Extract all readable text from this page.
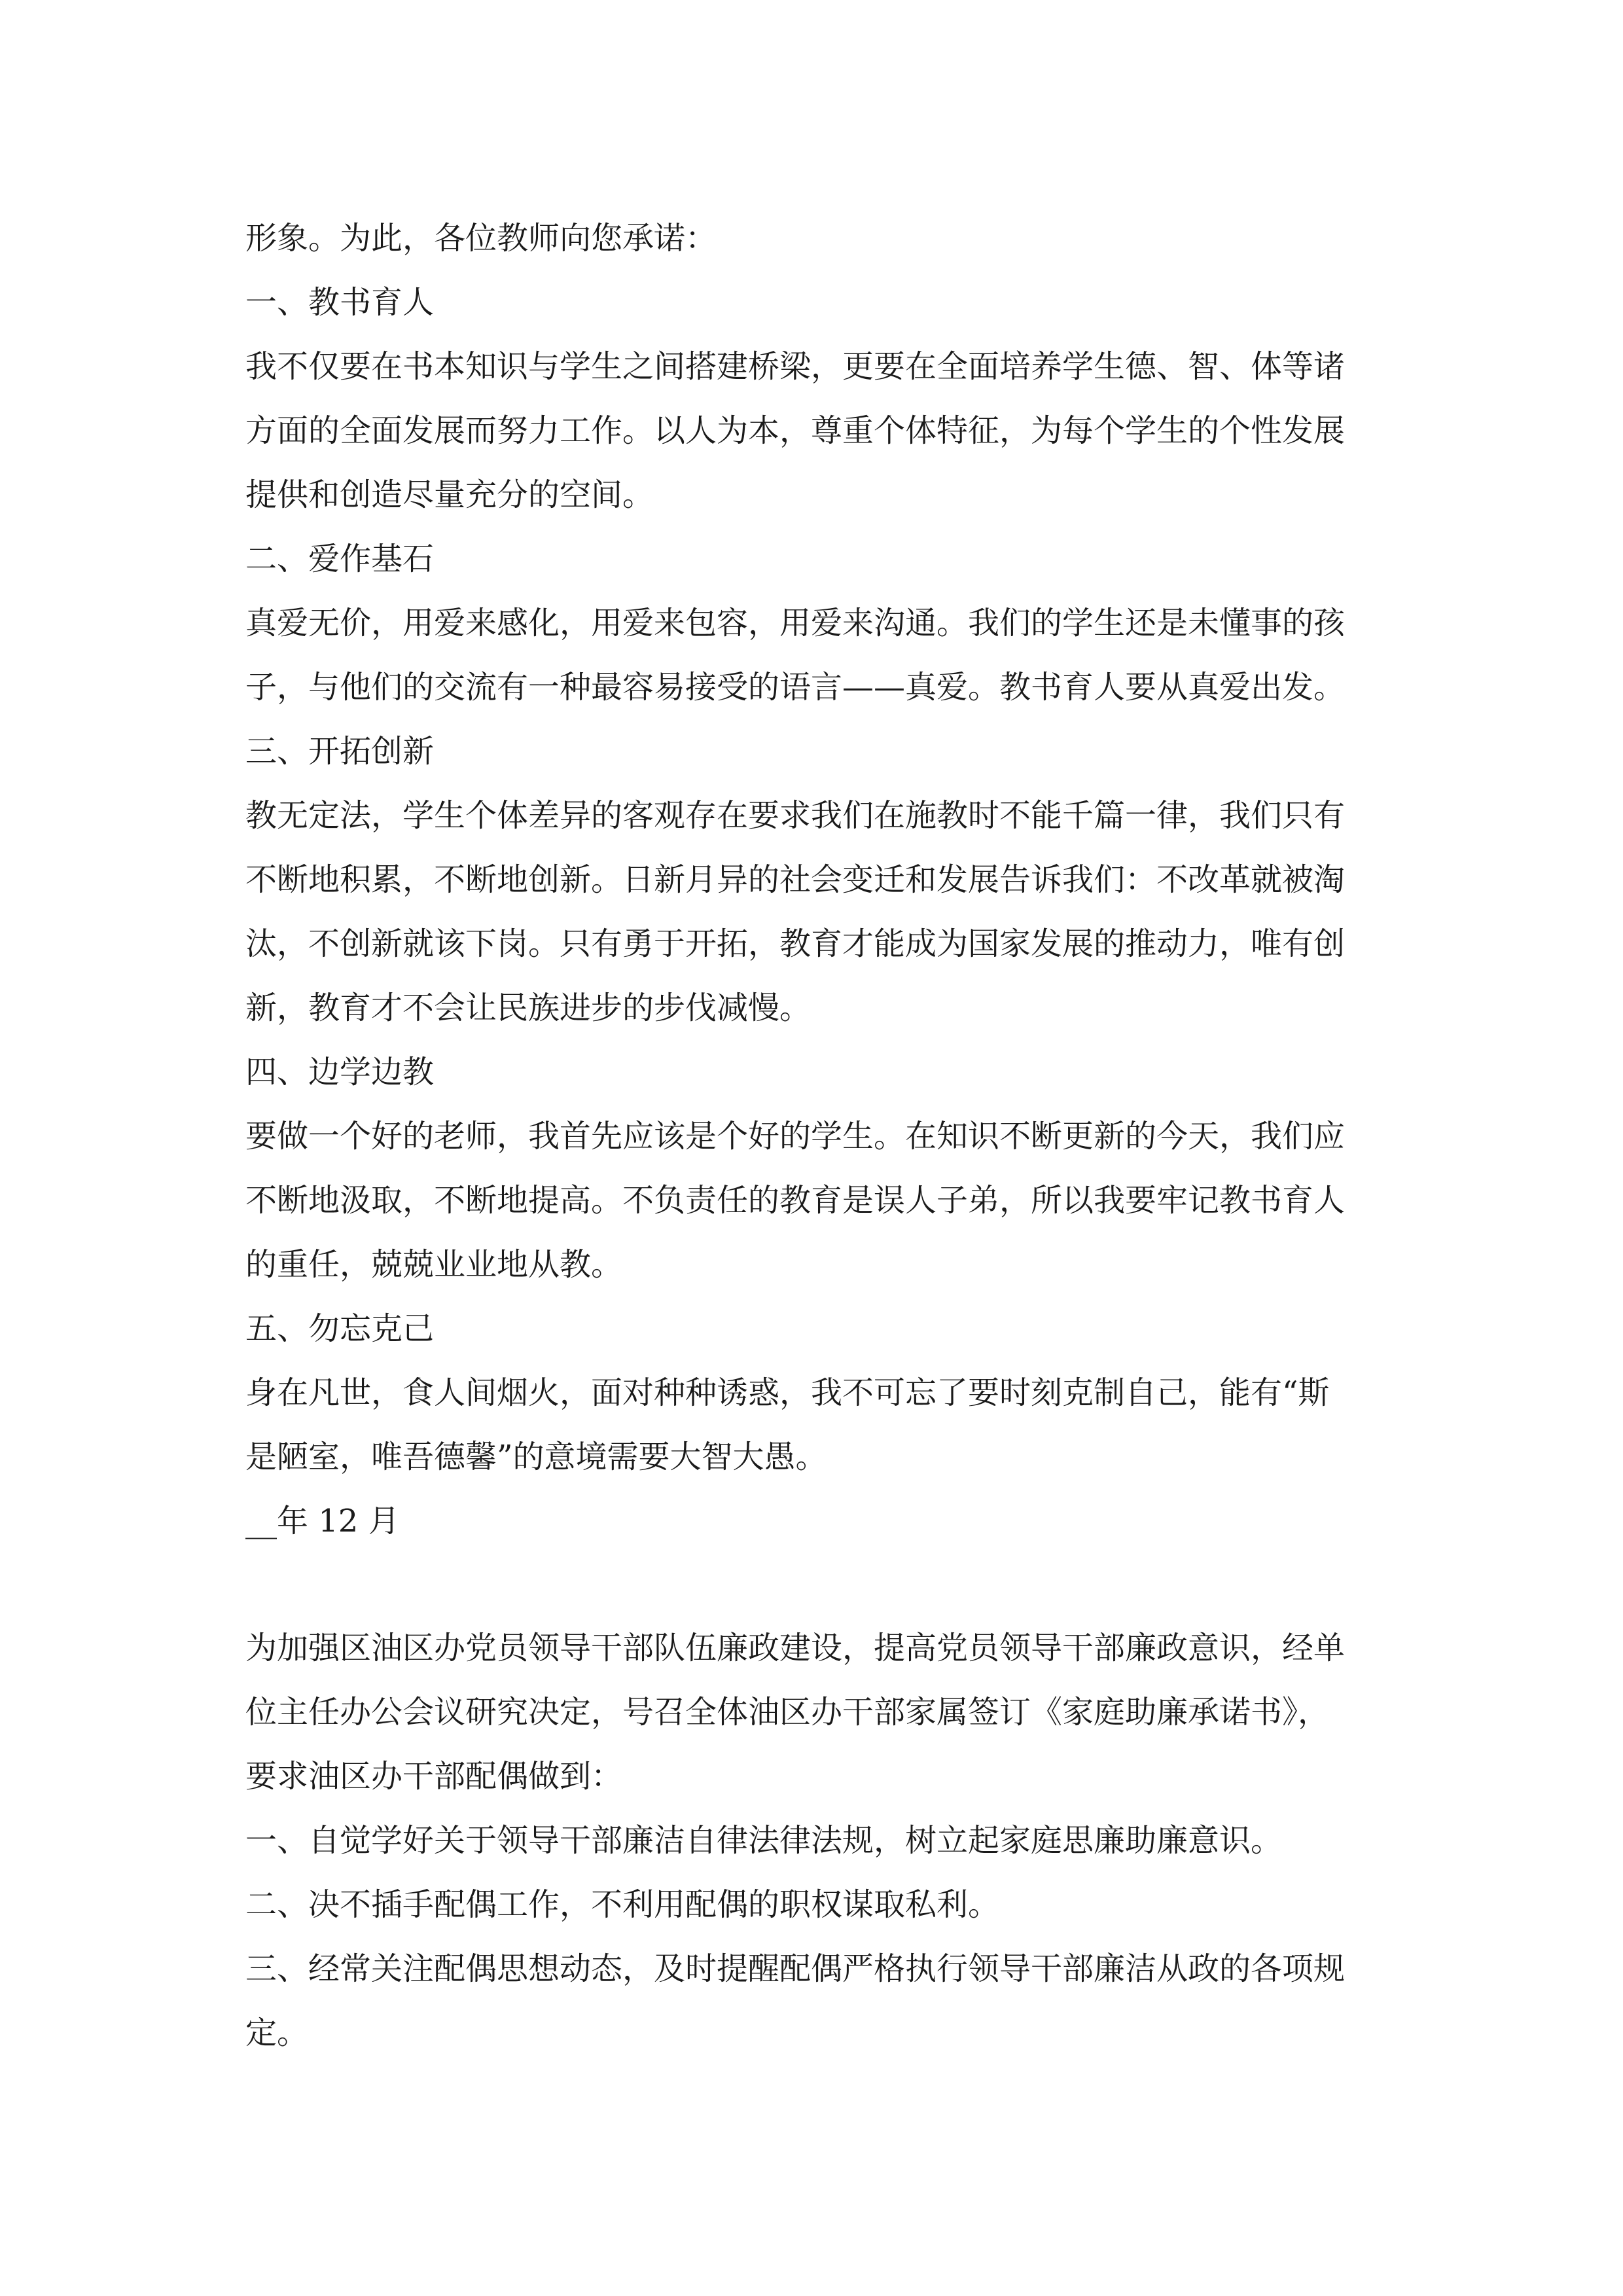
形象。为此，各位教师向您承诺：

一、教书育人

我不仅要在书本知识与学生之间搭建桥梁，更要在全面培养学生德、智、体等诸

方面的全面发展而努力工作。以人为本，尊重个体特征，为每个学生的个性发展

提供和创造尽量充分的空间。

二、爱作基石

真爱无价，用爱来感化，用爱来包容，用爱来沟通。我们的学生还是未懂事的孩

子，与他们的交流有一种最容易接受的语言——真爱。教书育人要从真爱出发。

三、开拓创新

教无定法，学生个体差异的客观存在要求我们在施教时不能千篇一律，我们只有

不断地积累，不断地创新。日新月异的社会变迁和发展告诉我们：不改革就被淘

汰，不创新就该下岗。只有勇于开拓，教育才能成为国家发展的推动力，唯有创

新，教育才不会让民族进步的步伐减慢。

四、边学边教

要做一个好的老师，我首先应该是个好的学生。在知识不断更新的今天，我们应

不断地汲取，不断地提高。不负责任的教育是误人子弟，所以我要牢记教书育人

的重任，兢兢业业地从教。

五、勿忘克己

身在凡世，食人间烟火，面对种种诱惑，我不可忘了要时刻克制自己，能有“斯

是陋室，唯吾德馨”的意境需要大智大愚。

__年 12 月

为加强区油区办党员领导干部队伍廉政建设，提高党员领导干部廉政意识，经单

位主任办公会议研究决定，号召全体油区办干部家属签订《家庭助廉承诺书》，

要求油区办干部配偶做到：

一、自觉学好关于领导干部廉洁自律法律法规，树立起家庭思廉助廉意识。

二、决不插手配偶工作，不利用配偶的职权谋取私利。

三、经常关注配偶思想动态，及时提醒配偶严格执行领导干部廉洁从政的各项规

定。
